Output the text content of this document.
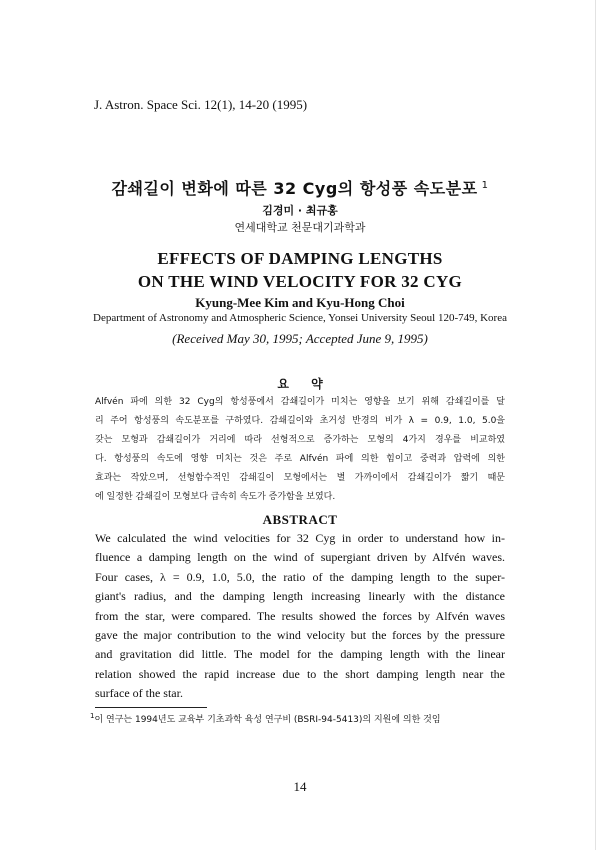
J. Astron. Space Sci. 12(1), 14-20 (1995)
감쇄길이 변화에 따른 32 Cyg의 항성풍 속도분포 $^1$
김경미 · 최규홍
연세대학교 천문대기과학과
EFFECTS OF DAMPING LENGTHS
ON THE WIND VELOCITY FOR 32 CYG
Kyung-Mee Kim and Kyu-Hong Choi
Department of Astronomy and Atmospheric Science, Yonsei University Seoul 120-749, Korea
(Received May 30, 1995; Accepted June 9, 1995)
요 약
Alfvén 파에 의한 32 Cyg의 항성풍에서 감쇄길이가 미치는 영향을 보기 위해 감쇄길이를 달
리 주어 항성풍의 속도분포를 구하였다. 감쇄길이와 초거성 반경의 비가 λ = 0.9, 1.0, 5.0을
갖는 모형과 감쇄길이가 거리에 따라 선형적으로 증가하는 모형의 4가지 경우를 비교하였
다. 항성풍의 속도에 영향 미치는 것은 주로 Alfvén 파에 의한 힘이고 중력과 압력에 의한
효과는 작았으며, 선형함수적인 감쇄길이 모형에서는 별 가까이에서 감쇄길이가 짧기 때문
에 일정한 감쇄길이 모형보다 급속히 속도가 증가함을 보였다.
ABSTRACT
We calculated the wind velocities for 32 Cyg in order to understand how in-
fluence a damping length on the wind of supergiant driven by Alfvén waves.
Four cases, λ = 0.9, 1.0, 5.0, the ratio of the damping length to the super-
giant's radius, and the damping length increasing linearly with the distance
from the star, were compared. The results showed the forces by Alfvén waves
gave the major contribution to the wind velocity but the forces by the pressure
and gravitation did little. The model for the damping length with the linear
relation showed the rapid increase due to the short damping length near the
surface of the star.
$^1$이 연구는 1994년도 교육부 기초과학 육성 연구비 (BSRI-94-5413)의 지원에 의한 것임
14
